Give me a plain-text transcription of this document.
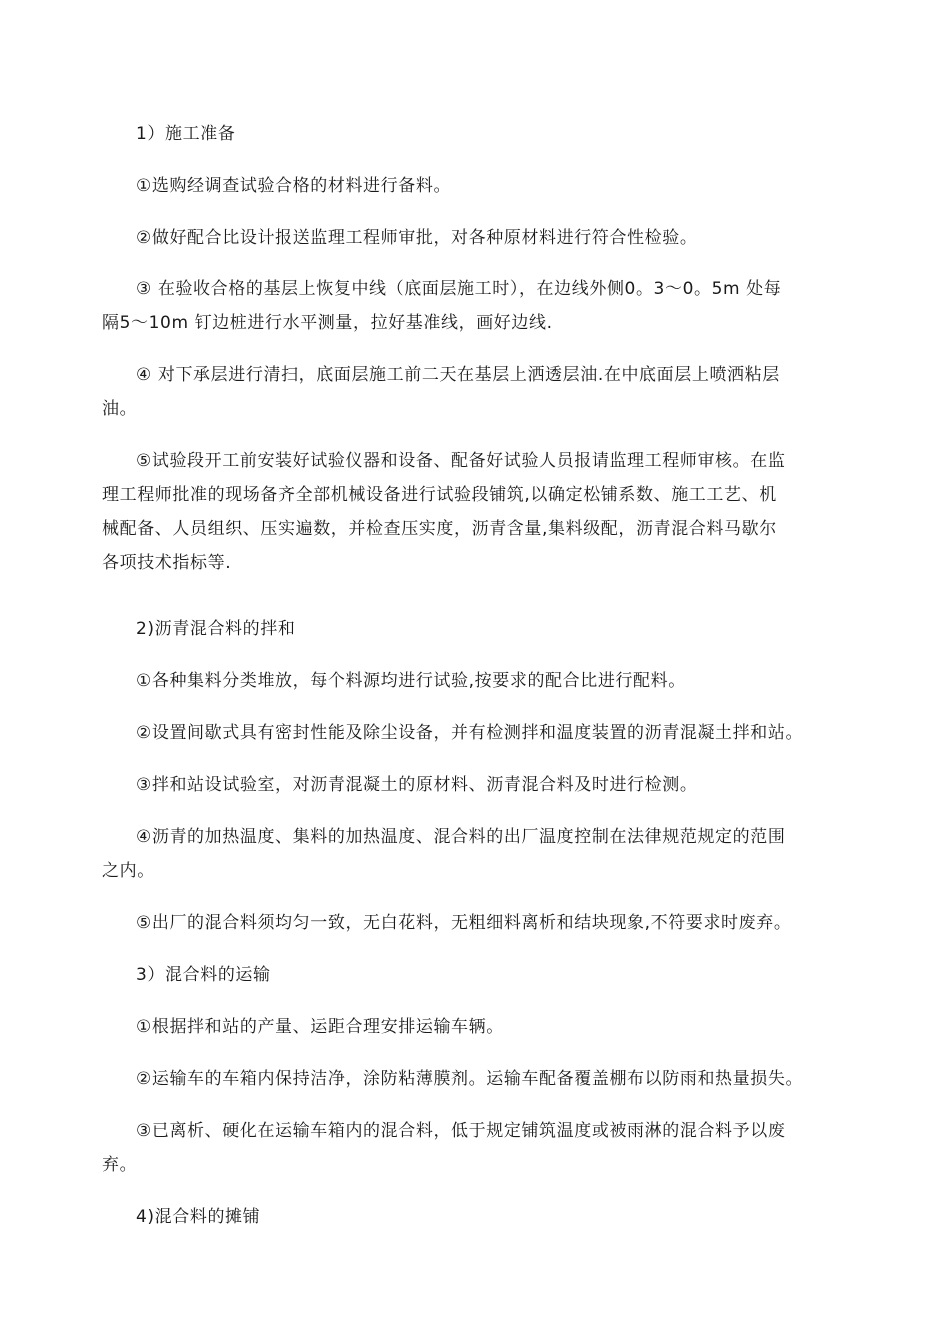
1）施工准备
①选购经调查试验合格的材料进行备料。
②做好配合比设计报送监理工程师审批，对各种原材料进行符合性检验。
③ 在验收合格的基层上恢复中线（底面层施工时），在边线外侧0。3～0。5m 处每
隔5～10m 钉边桩进行水平测量，拉好基准线，画好边线.
④ 对下承层进行清扫，底面层施工前二天在基层上洒透层油.在中底面层上喷洒粘层
油。
⑤试验段开工前安装好试验仪器和设备、配备好试验人员报请监理工程师审核。在监
理工程师批准的现场备齐全部机械设备进行试验段铺筑,以确定松铺系数、施工工艺、机
械配备、人员组织、压实遍数，并检查压实度，沥青含量,集料级配，沥青混合料马歇尔
各项技术指标等.
2)沥青混合料的拌和
①各种集料分类堆放，每个料源均进行试验,按要求的配合比进行配料。
②设置间歇式具有密封性能及除尘设备，并有检测拌和温度装置的沥青混凝土拌和站。
③拌和站设试验室，对沥青混凝土的原材料、沥青混合料及时进行检测。
④沥青的加热温度、集料的加热温度、混合料的出厂温度控制在法律规范规定的范围
之内。
⑤出厂的混合料须均匀一致，无白花料，无粗细料离析和结块现象,不符要求时废弃。
3）混合料的运输
①根据拌和站的产量、运距合理安排运输车辆。
②运输车的车箱内保持洁净，涂防粘薄膜剂。运输车配备覆盖棚布以防雨和热量损失。
③已离析、硬化在运输车箱内的混合料，低于规定铺筑温度或被雨淋的混合料予以废
弃。
4)混合料的摊铺
